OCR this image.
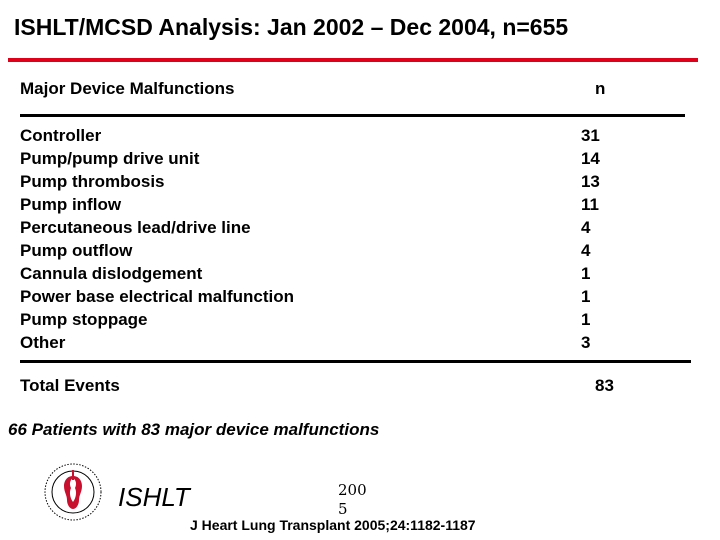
ISHLT/MCSD Analysis: Jan 2002 – Dec 2004, n=655
Major Device Malfunctions	n
Controller	31
Pump/pump drive unit	14
Pump thrombosis	13
Pump inflow	11
Percutaneous lead/drive line	4
Pump outflow	4
Cannula dislodgement	1
Power base electrical malfunction	1
Pump stoppage	1
Other	3
Total Events	83
66 Patients with 83 major device malfunctions
ISHLT	2005
J Heart Lung Transplant 2005;24:1182-1187
